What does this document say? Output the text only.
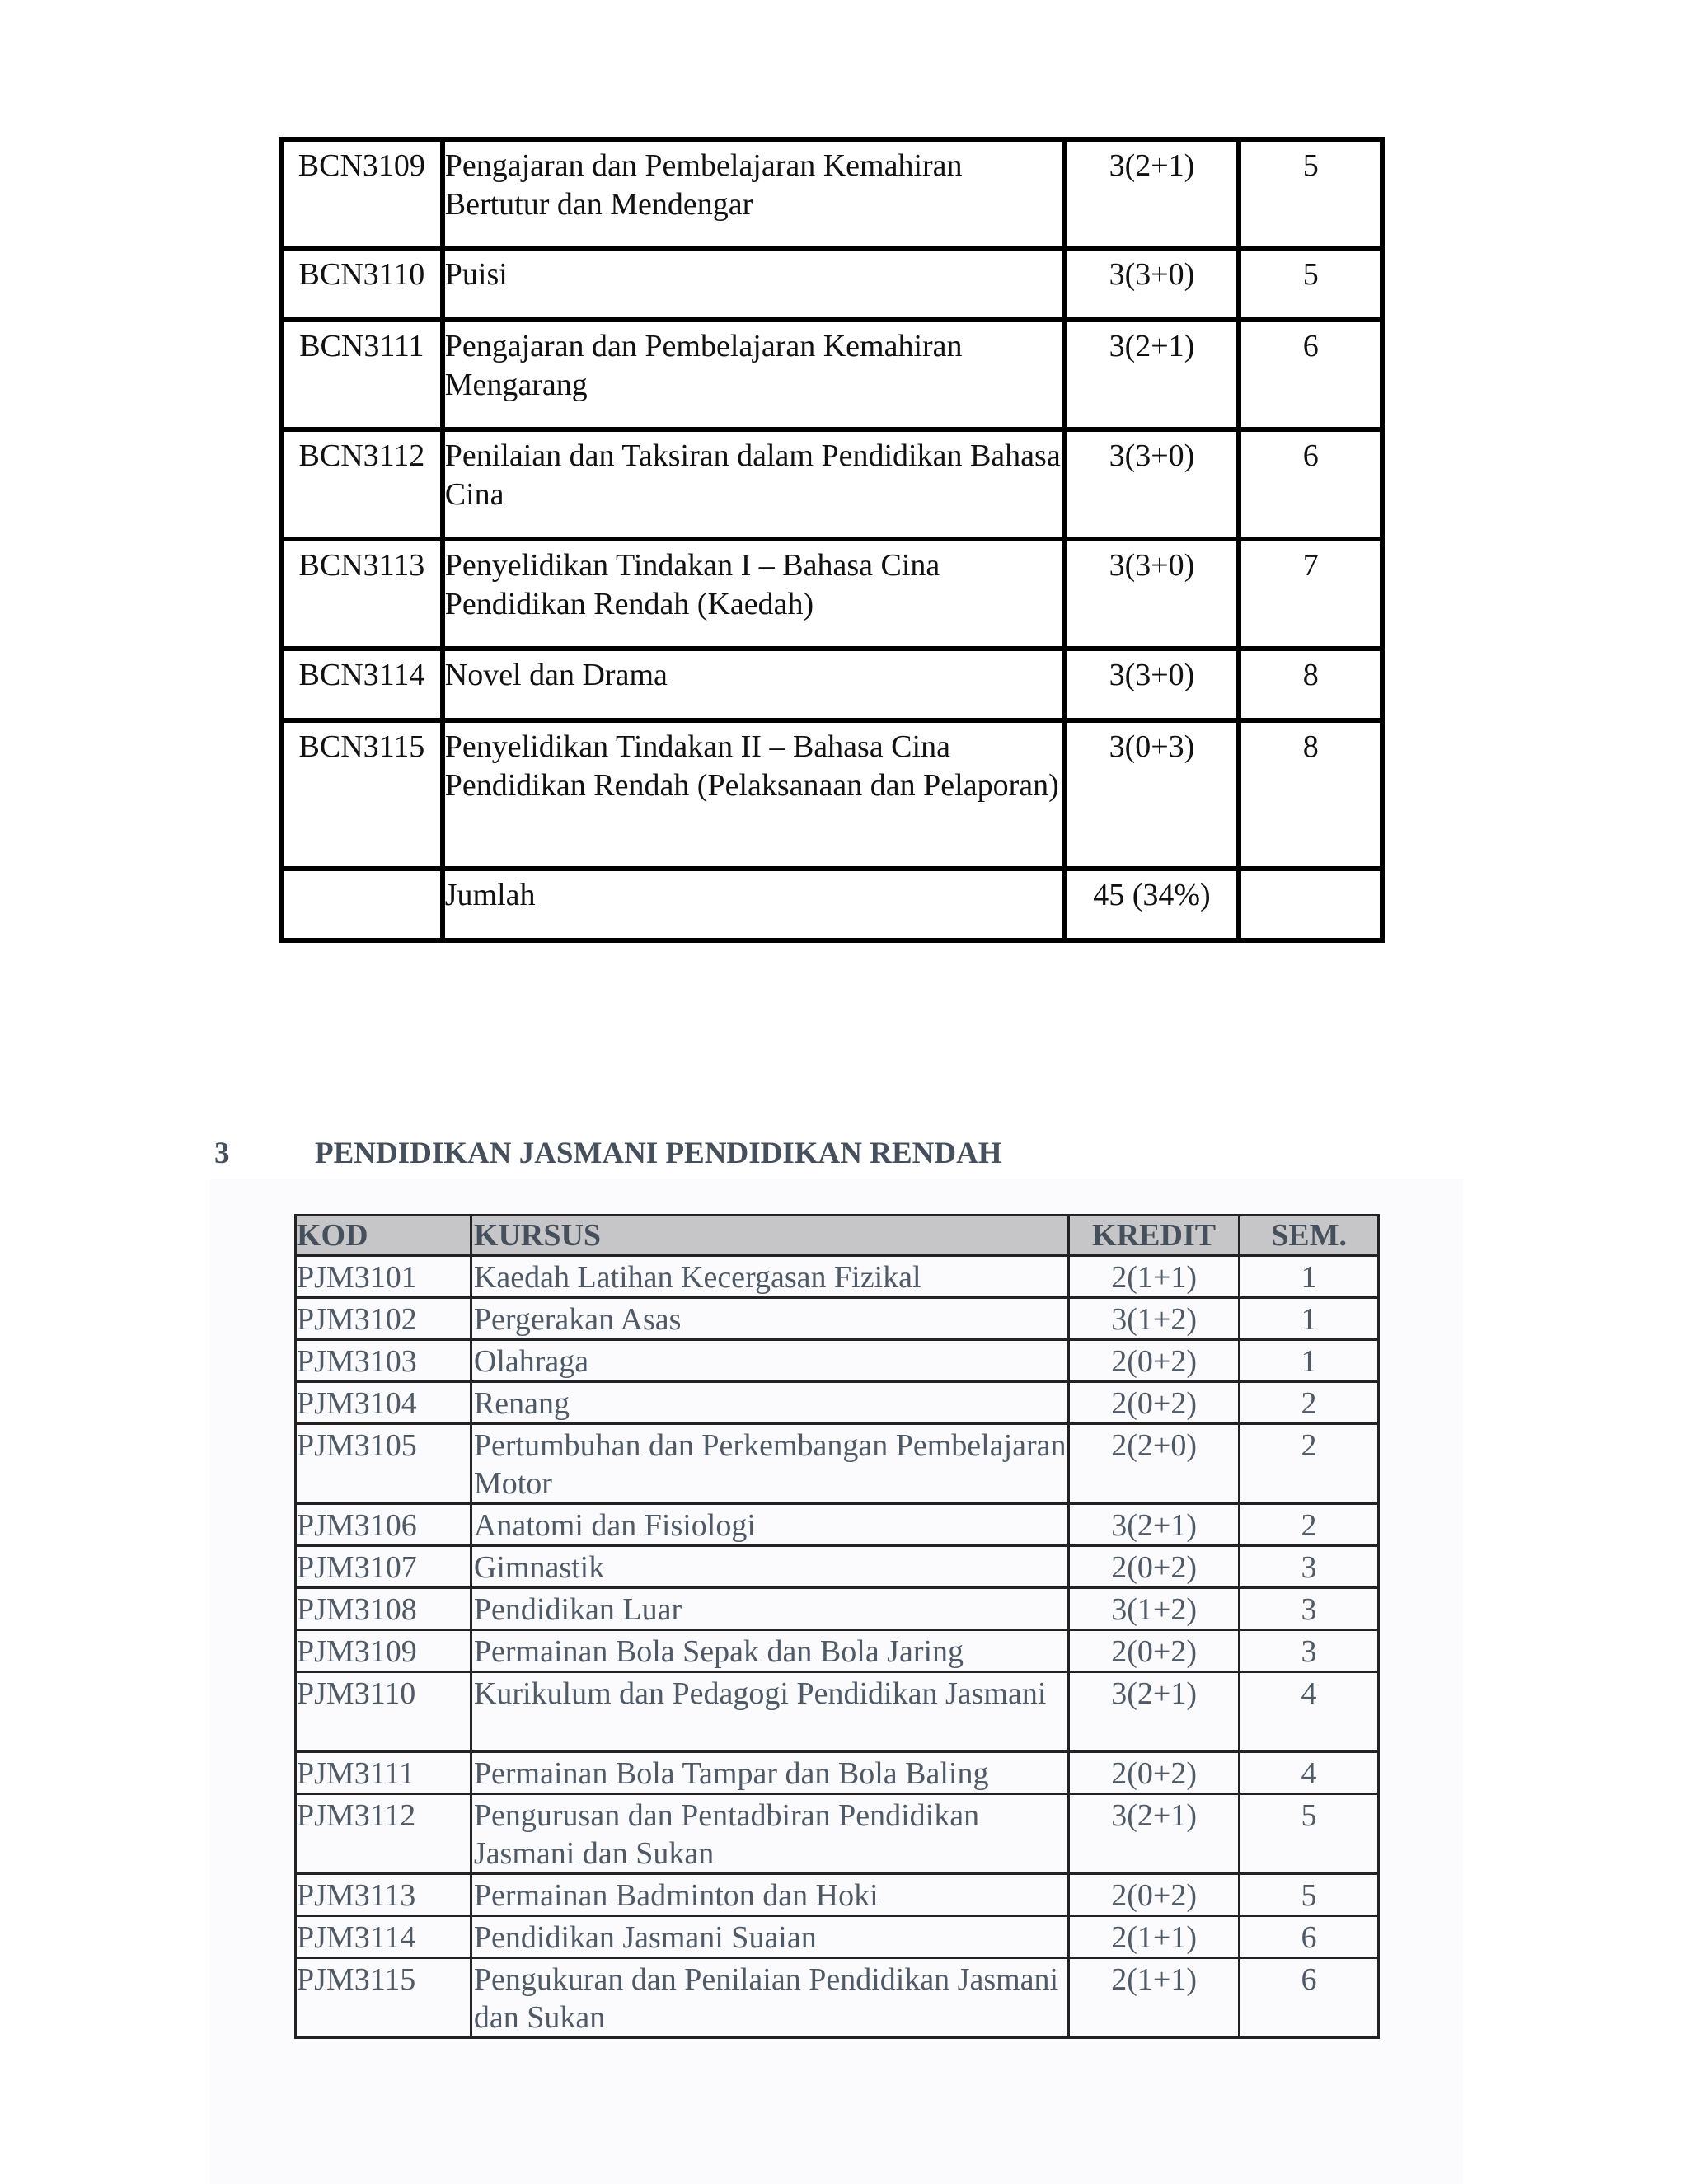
BCN3109	Pengajaran dan Pembelajaran Kemahiran Bertutur dan Mendengar	3(2+1)	5
BCN3110	Puisi	3(3+0)	5
BCN3111	Pengajaran dan Pembelajaran Kemahiran Mengarang	3(2+1)	6
BCN3112	Penilaian dan Taksiran dalam Pendidikan Bahasa Cina	3(3+0)	6
BCN3113	Penyelidikan Tindakan I – Bahasa Cina Pendidikan Rendah (Kaedah)	3(3+0)	7
BCN3114	Novel dan Drama	3(3+0)	8
BCN3115	Penyelidikan Tindakan II – Bahasa Cina Pendidikan Rendah (Pelaksanaan dan Pelaporan)	3(0+3)	8
	Jumlah	45 (34%)	
3	PENDIDIKAN JASMANI PENDIDIKAN RENDAH
KOD	KURSUS	KREDIT	SEM.
PJM3101	Kaedah Latihan Kecergasan Fizikal	2(1+1)	1
PJM3102	Pergerakan Asas	3(1+2)	1
PJM3103	Olahraga	2(0+2)	1
PJM3104	Renang	2(0+2)	2
PJM3105	Pertumbuhan dan Perkembangan Pembelajaran Motor	2(2+0)	2
PJM3106	Anatomi dan Fisiologi	3(2+1)	2
PJM3107	Gimnastik	2(0+2)	3
PJM3108	Pendidikan Luar	3(1+2)	3
PJM3109	Permainan Bola Sepak dan Bola Jaring	2(0+2)	3
PJM3110	Kurikulum dan Pedagogi Pendidikan Jasmani	3(2+1)	4
PJM3111	Permainan Bola Tampar dan Bola Baling	2(0+2)	4
PJM3112	Pengurusan dan Pentadbiran Pendidikan Jasmani dan Sukan	3(2+1)	5
PJM3113	Permainan Badminton dan Hoki	2(0+2)	5
PJM3114	Pendidikan Jasmani Suaian	2(1+1)	6
PJM3115	Pengukuran dan Penilaian Pendidikan Jasmani dan Sukan	2(1+1)	6
